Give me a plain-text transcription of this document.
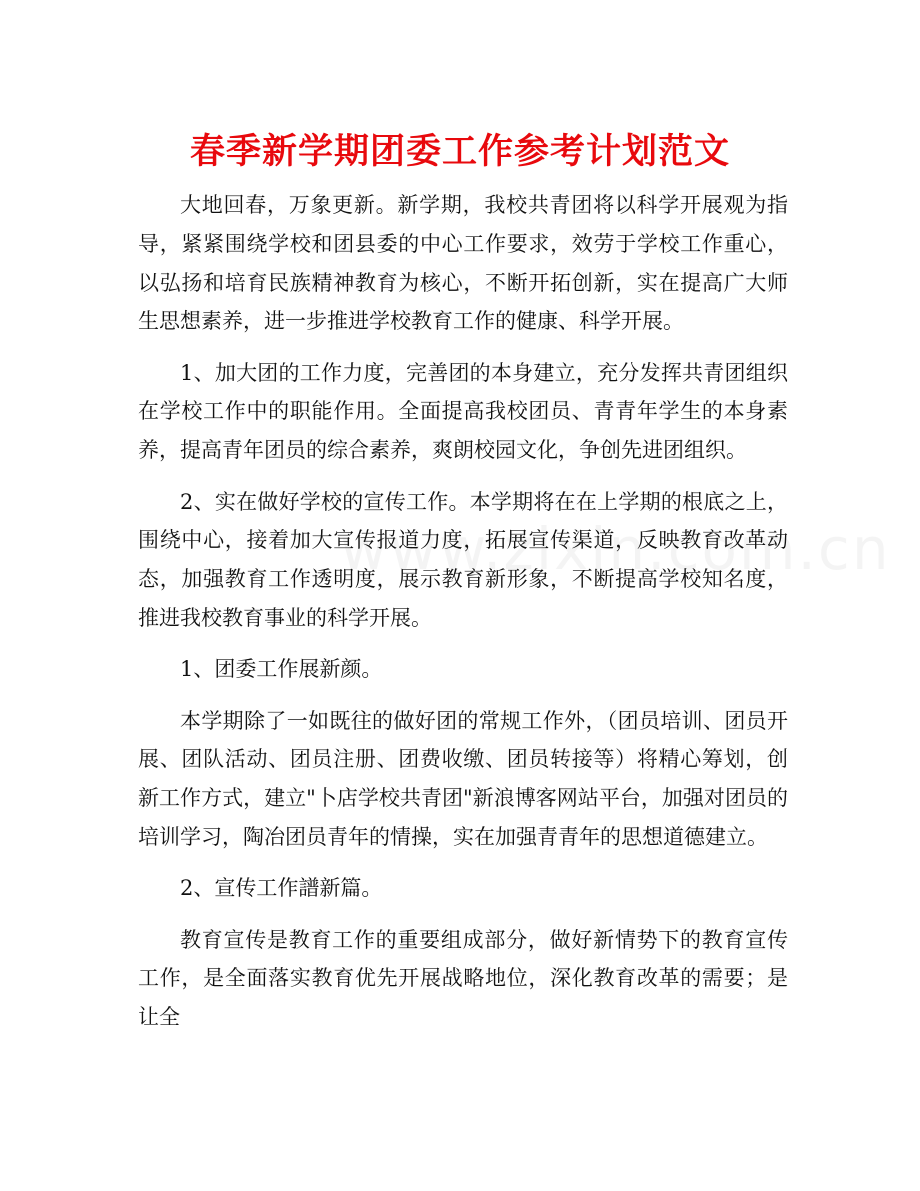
春季新学期团委工作参考计划范文

大地回春，万象更新。新学期，我校共青团将以科学开展观为指导，紧紧围绕学校和团县委的中心工作要求，效劳于学校工作重心，以弘扬和培育民族精神教育为核心，不断开拓创新，实在提高广大师生思想素养，进一步推进学校教育工作的健康、科学开展。

1、加大团的工作力度，完善团的本身建立，充分发挥共青团组织在学校工作中的职能作用。全面提高我校团员、青青年学生的本身素养，提高青年团员的综合素养，爽朗校园文化，争创先进团组织。

2、实在做好学校的宣传工作。本学期将在在上学期的根底之上，围绕中心，接着加大宣传报道力度，拓展宣传渠道，反映教育改革动态，加强教育工作透明度，展示教育新形象，不断提高学校知名度，推进我校教育事业的科学开展。

1、团委工作展新颜。

本学期除了一如既往的做好团的常规工作外，（团员培训、团员开展、团队活动、团员注册、团费收缴、团员转接等）将精心筹划，创新工作方式，建立"卜店学校共青团"新浪博客网站平台，加强对团员的培训学习，陶冶团员青年的情操，实在加强青青年的思想道德建立。

2、宣传工作譜新篇。

教育宣传是教育工作的重要组成部分，做好新情势下的教育宣传工作，是全面落实教育优先开展战略地位，深化教育改革的需要；是让全
